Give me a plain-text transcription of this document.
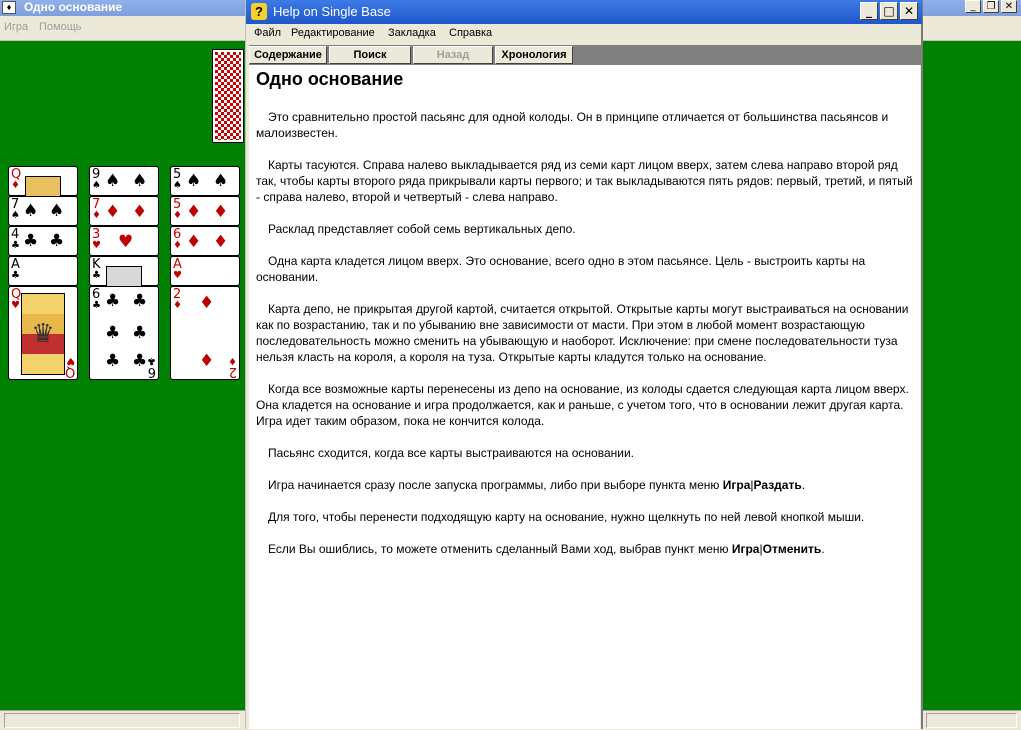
♦	Одно основание	_	❐ ✕
Игра Помощь
Q
♦
7
♠ ♠ ♠
4
♣ ♣ ♣
A
♣
Q
♥
♛
Q
♥
9
♠ ♠ ♠
7
♦ ♦ ♦
3
♥ ♥
K
♣
6
♣ ♣ ♣
♣ ♣
♣ ♣
6
♣
5
♠ ♠ ♠
5
♦ ♦ ♦
6
♦ ♦ ♦
A
♥
2
♦ ♦
♦
2
♦
? Help on Single Base	_ □ ✕
Файл Редактирование Закладка Справка
Содержание	Поиск	Назад	Хронология
Одно основание

Это сравнительно простой пасьянс для одной колоды. Он в принципе отличается от большинства пасьянсов и малоизвестен.

Карты тасуются. Справа налево выкладывается ряд из семи карт лицом вверх, затем слева направо второй ряд так, чтобы карты второго ряда прикрывали карты первого; и так выкладываются пять рядов: первый, третий, и пятый - справа налево, второй и четвертый - слева направо.

Расклад представляет собой семь вертикальных депо.

Одна карта кладется лицом вверх. Это основание, всего одно в этом пасьянсе. Цель - выстроить карты на основании.

Карта депо, не прикрытая другой картой, считается открытой. Открытые карты могут выстраиваться на основании как по возрастанию, так и по убыванию вне зависимости от масти. При этом в любой момент возрастающую последовательность можно сменить на убывающую и наоборот. Исключение: при смене последовательности туза нельзя класть на короля, а короля на туза. Открытые карты кладутся только на основание.

Когда все возможные карты перенесены из депо на основание, из колоды сдается следующая карта лицом вверх. Она кладется на основание и игра продолжается, как и раньше, с учетом того, что в основании лежит другая карта. Игра идет таким образом, пока не кончится колода.

Пасьянс сходится, когда все карты выстраиваются на основании.

Игра начинается сразу после запуска программы, либо при выборе пункта меню Игра|Раздать.

Для того, чтобы перенести подходящую карту на основание, нужно щелкнуть по ней левой кнопкой мыши.

Если Вы ошиблись, то можете отменить сделанный Вами ход, выбрав пункт меню Игра|Отменить.
